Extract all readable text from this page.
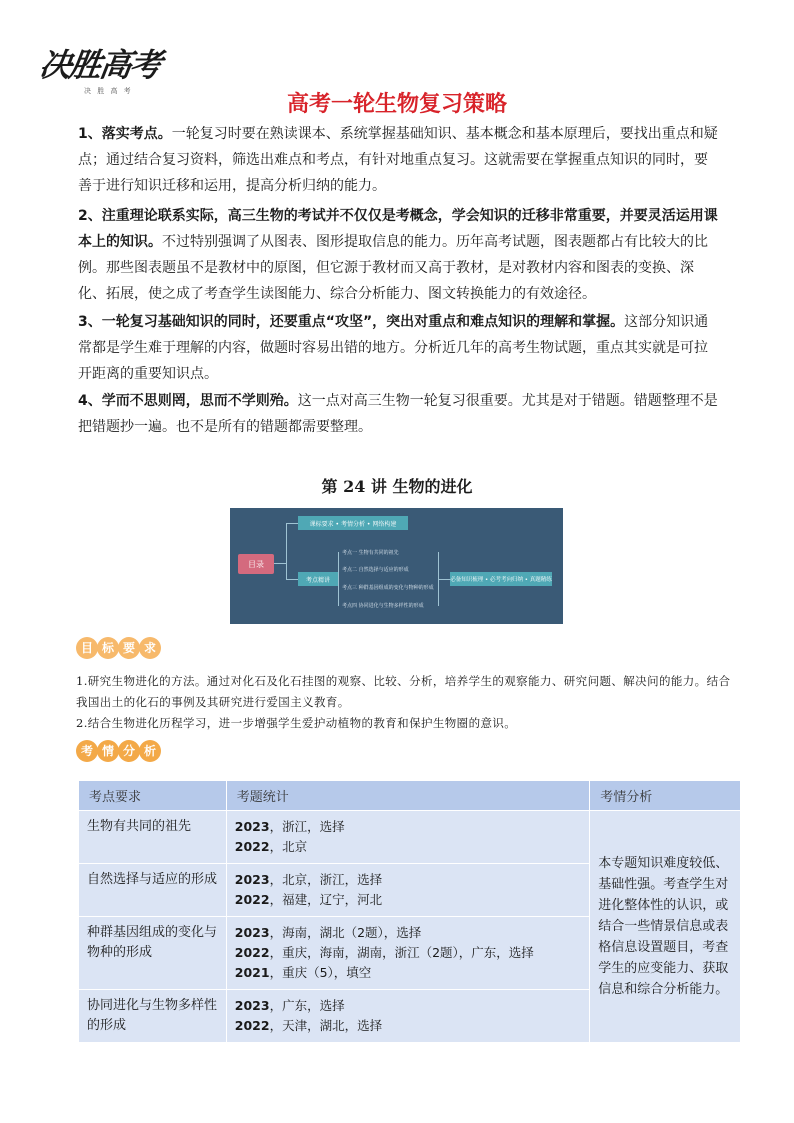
决胜高考
决 胜 高 考
高考一轮生物复习策略

1、落实考点。一轮复习时要在熟读课本、系统掌握基础知识、基本概念和基本原理后，要找出重点和疑点；通过结合复习资料，筛选出难点和考点，有针对地重点复习。这就需要在掌握重点知识的同时，要善于进行知识迁移和运用，提高分析归纳的能力。

2、注重理论联系实际，高三生物的考试并不仅仅是考概念，学会知识的迁移非常重要，并要灵活运用课本上的知识。不过特别强调了从图表、图形提取信息的能力。历年高考试题，图表题都占有比较大的比例。那些图表题虽不是教材中的原图，但它源于教材而又高于教材，是对教材内容和图表的变换、深化、拓展，使之成了考查学生读图能力、综合分析能力、图文转换能力的有效途径。

3、一轮复习基础知识的同时，还要重点“攻坚”，突出对重点和难点知识的理解和掌握。这部分知识通常都是学生难于理解的内容，做题时容易出错的地方。分析近几年的高考生物试题，重点其实就是可拉开距离的重要知识点。

4、学而不思则罔，思而不学则殆。这一点对高三生物一轮复习很重要。尤其是对于错题。错题整理不是把错题抄一遍。也不是所有的错题都需要整理。

第 24 讲 生物的进化
目录
课标要求 • 考情分析 • 网络构建
考点精讲
考点一 生物有共同的祖先
考点二 自然选择与适应的形成
考点三 种群基因组成的变化与物种的形成
考点四 协同进化与生物多样性的形成
必备知识梳理 • 必考考向归纳 • 真题精练
目 标 要 求
1.研究生物进化的方法。通过对化石及化石挂图的观察、比较、分析，培养学生的观察能力、研究问题、解决问的能力。结合我国出土的化石的事例及其研究进行爱国主义教育。
2.结合生物进化历程学习，进一步增强学生爱护动植物的教育和保护生物圈的意识。
考 情 分 析
考点要求	考题统计	考情分析
生物有共同的祖先	2023，浙江，选择
2022，北京	本专题知识难度较低、基础性强。考查学生对进化整体性的认识，或结合一些情景信息或表格信息设置题目，考查学生的应变能力、获取信息和综合分析能力。
自然选择与适应的形成	2023，北京，浙江，选择
2022，福建，辽宁，河北	

种群基因组成的变化与物种的形成	2023，海南，湖北（2题），选择
2022，重庆，海南，湖南，浙江（2题），广东，选择
2021，重庆（5），填空	

协同进化与生物多样性的形成	2023，广东，选择
2022，天津，湖北，选择	
